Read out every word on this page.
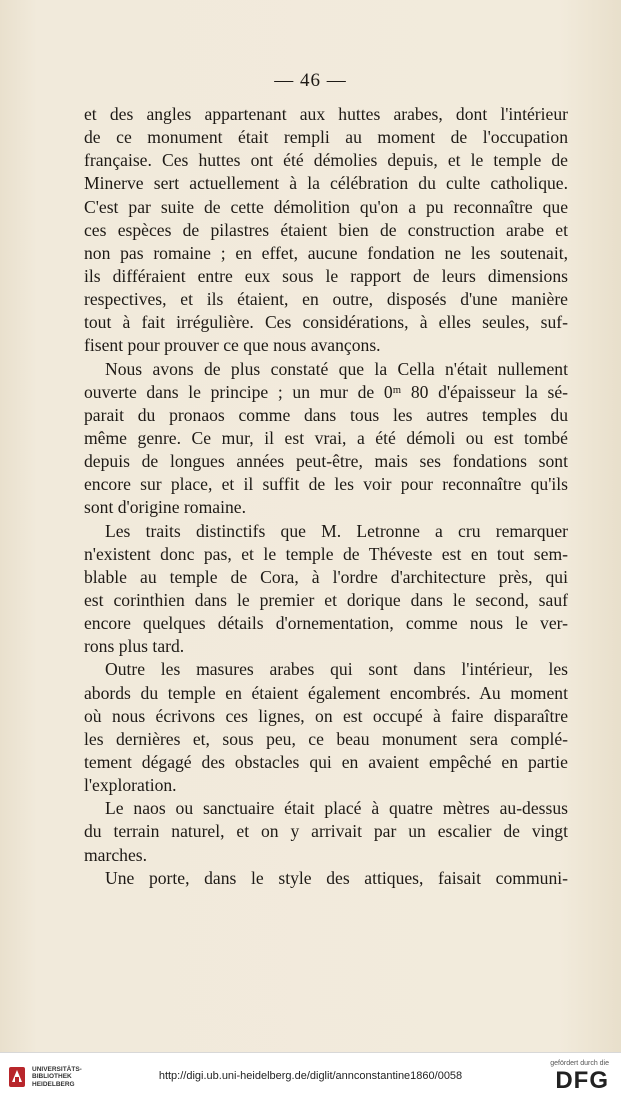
— 46 —
et des angles appartenant aux huttes arabes, dont l'intérieur
de ce monument était rempli au moment de l'occupation
française. Ces huttes ont été démolies depuis, et le temple de
Minerve sert actuellement à la célébration du culte catholique.
C'est par suite de cette démolition qu'on a pu reconnaître que
ces espèces de pilastres étaient bien de construction arabe et
non pas romaine ; en effet, aucune fondation ne les soutenait,
ils différaient entre eux sous le rapport de leurs dimensions
respectives, et ils étaient, en outre, disposés d'une manière
tout à fait irrégulière. Ces considérations, à elles seules, suf-
fisent pour prouver ce que nous avançons.
Nous avons de plus constaté que la Cella n'était nullement
ouverte dans le principe ; un mur de 0ᵐ 80 d'épaisseur la sé-
parait du pronaos comme dans tous les autres temples du
même genre. Ce mur, il est vrai, a été démoli ou est tombé
depuis de longues années peut-être, mais ses fondations sont
encore sur place, et il suffit de les voir pour reconnaître qu'ils
sont d'origine romaine.
Les traits distinctifs que M. Letronne a cru remarquer
n'existent donc pas, et le temple de Théveste est en tout sem-
blable au temple de Cora, à l'ordre d'architecture près, qui
est corinthien dans le premier et dorique dans le second, sauf
encore quelques détails d'ornementation, comme nous le ver-
rons plus tard.
Outre les masures arabes qui sont dans l'intérieur, les
abords du temple en étaient également encombrés. Au moment
où nous écrivons ces lignes, on est occupé à faire disparaître
les dernières et, sous peu, ce beau monument sera complé-
tement dégagé des obstacles qui en avaient empêché en partie
l'exploration.
Le naos ou sanctuaire était placé à quatre mètres au-dessus
du terrain naturel, et on y arrivait par un escalier de vingt
marches.
Une porte, dans le style des attiques, faisait communi-
UNIVERSITÄTS-
BIBLIOTHEK
HEIDELBERG
http://digi.ub.uni-heidelberg.de/diglit/annconstantine1860/0058
gefördert durch die
DFG
